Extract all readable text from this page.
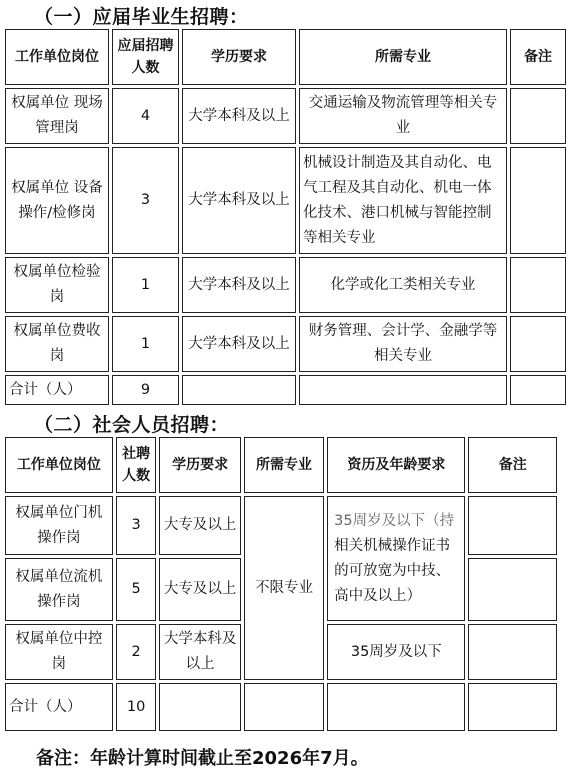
（一）应届毕业生招聘：
工作单位岗位	应届招聘人数	学历要求	所需专业	备注
权属单位 现场管理岗	4	大学本科及以上	交通运输及物流管理等相关专业	
权属单位 设备操作/检修岗	3	大学本科及以上	机械设计制造及其自动化、电气工程及其自动化、机电一体化技术、港口机械与智能控制等相关专业	
权属单位检验岗	1	大学本科及以上	化学或化工类相关专业	
权属单位费收岗	1	大学本科及以上	财务管理、会计学、金融学等相关专业	
合计（人）	9			
（二）社会人员招聘：
工作单位岗位	社聘人数	学历要求	所需专业	资历及年龄要求	备注
权属单位门机操作岗	3	大专及以上	不限专业	35周岁及以下（持相关机械操作证书的可放宽为中技、高中及以上）	
权属单位流机操作岗	5	大专及以上			
权属单位中控岗	2	大学本科及以上		35周岁及以下	
合计（人）	10				
备注：年龄计算时间截止至2026年7月。
